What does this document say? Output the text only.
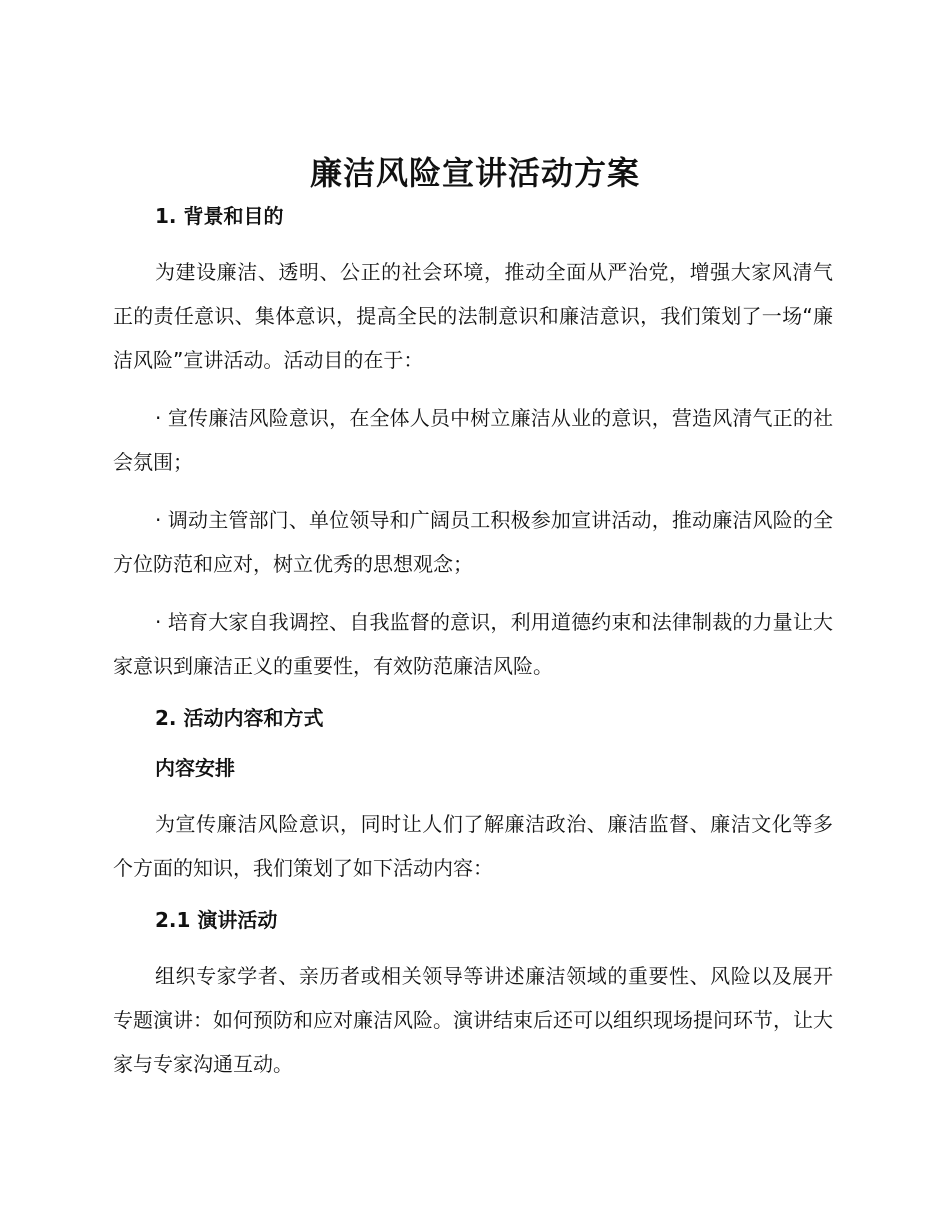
廉洁风险宣讲活动方案
1. 背景和目的

为建设廉洁、透明、公正的社会环境，推动全面从严治党，增强大家风清气正的责任意识、集体意识，提高全民的法制意识和廉洁意识，我们策划了一场“廉洁风险”宣讲活动。活动目的在于：

· 宣传廉洁风险意识，在全体人员中树立廉洁从业的意识，营造风清气正的社会氛围；

· 调动主管部门、单位领导和广阔员工积极参加宣讲活动，推动廉洁风险的全方位防范和应对，树立优秀的思想观念；

· 培育大家自我调控、自我监督的意识，利用道德约束和法律制裁的力量让大家意识到廉洁正义的重要性，有效防范廉洁风险。

2. 活动内容和方式
内容安排

为宣传廉洁风险意识，同时让人们了解廉洁政治、廉洁监督、廉洁文化等多个方面的知识，我们策划了如下活动内容：

2.1 演讲活动

组织专家学者、亲历者或相关领导等讲述廉洁领域的重要性、风险以及展开专题演讲：如何预防和应对廉洁风险。演讲结束后还可以组织现场提问环节，让大家与专家沟通互动。
